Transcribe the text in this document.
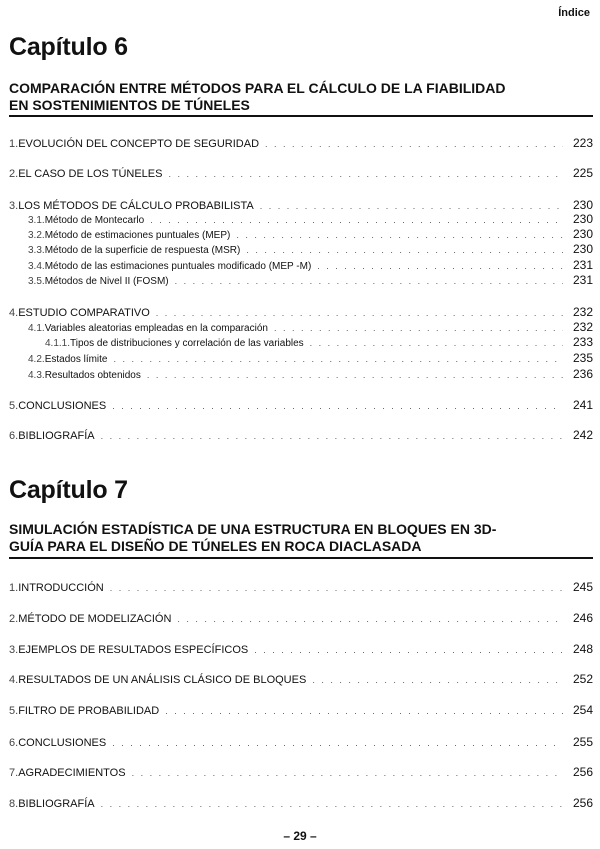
Índice
Capítulo 6
COMPARACIÓN ENTRE MÉTODOS PARA EL CÁLCULO DE LA FIABILIDAD
EN SOSTENIMIENTOS DE TÚNELES
1. EVOLUCIÓN DEL CONCEPTO DE SEGURIDAD . . .	223
2. EL CASO DE LOS TÚNELES . . .	225
3. LOS MÉTODOS DE CÁLCULO PROBABILISTA . . .	230
3.1. Método de Montecarlo . . .	230
3.2. Método de estimaciones puntuales (MEP) . . .	230
3.3. Método de la superficie de respuesta (MSR) . . .	230
3.4. Método de las estimaciones puntuales modificado (MEP -M) . . .	231
3.5. Métodos de Nivel II (FOSM) . . .	231
4. ESTUDIO COMPARATIVO . . .	232
4.1. Variables aleatorias empleadas en la comparación . . .	232
4.1.1. Tipos de distribuciones y correlación de las variables . . .	233
4.2. Estados límite . . .	235
4.3. Resultados obtenidos . . .	236
5. CONCLUSIONES . . .	241
6. BIBLIOGRAFÍA . . .	242
Capítulo 7
SIMULACIÓN ESTADÍSTICA DE UNA ESTRUCTURA EN BLOQUES EN 3D-
GUÍA PARA EL DISEÑO DE TÚNELES EN ROCA DIACLASADA
1. INTRODUCCIÓN . . .	245
2. MÉTODO DE MODELIZACIÓN . . .	246
3. EJEMPLOS DE RESULTADOS ESPECÍFICOS . . .	248
4. RESULTADOS DE UN ANÁLISIS CLÁSICO DE BLOQUES . . .	252
5. FILTRO DE PROBABILIDAD . . .	254
6. CONCLUSIONES . . .	255
7. AGRADECIMIENTOS . . .	256
8. BIBLIOGRAFÍA . . .	256
– 29 –
